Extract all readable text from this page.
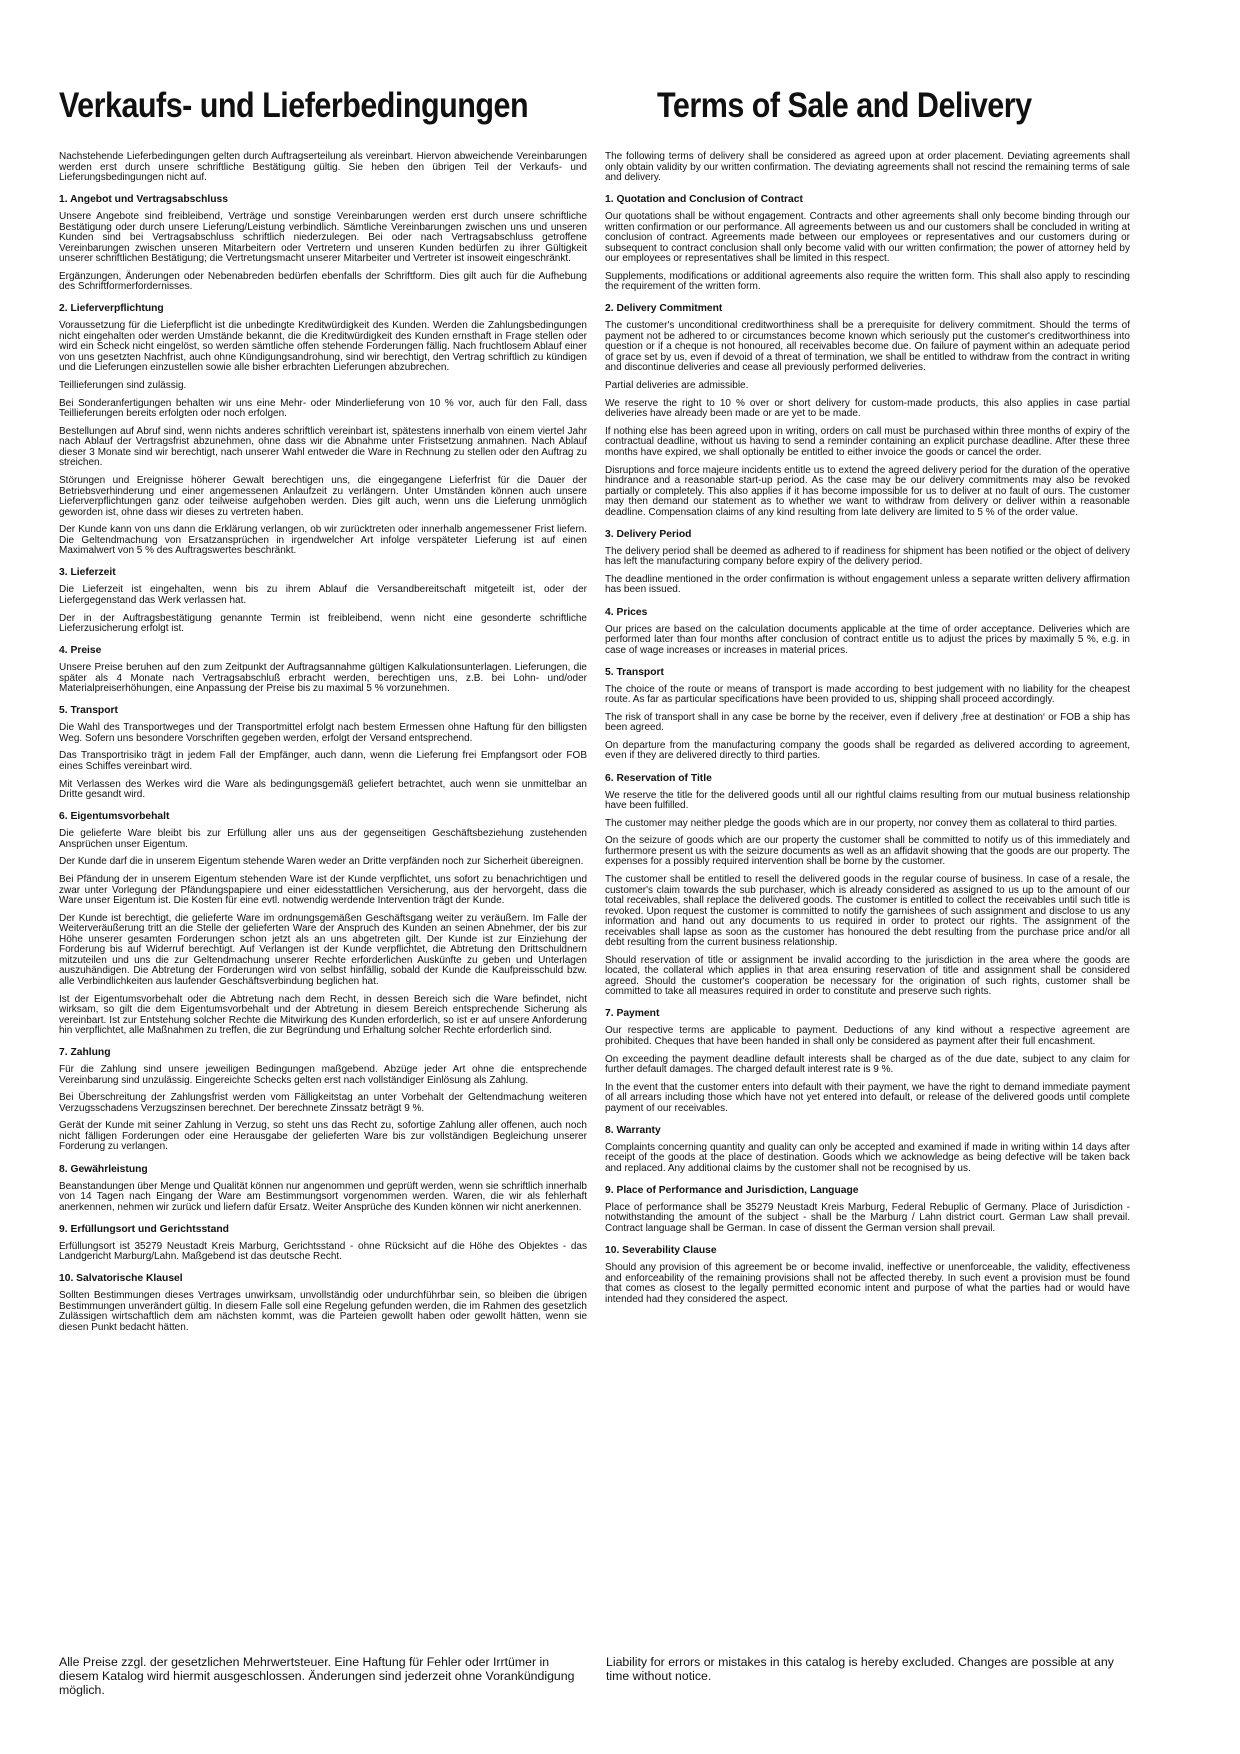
Verkaufs- und Lieferbedingungen

Nachstehende Lieferbedingungen gelten durch Auftragserteilung als vereinbart. Hiervon abweichende Vereinbarungen werden erst durch unsere schriftliche Bestätigung gültig. Sie heben den übrigen Teil der Verkaufs- und Lieferungsbedingungen nicht auf.

1. Angebot und Vertragsabschluss

Unsere Angebote sind freibleibend, Verträge und sonstige Vereinbarungen werden erst durch unsere schriftliche Bestätigung oder durch unsere Lieferung/Leistung verbindlich. Sämtliche Vereinbarungen zwischen uns und unseren Kunden sind bei Vertragsabschluss schriftlich niederzulegen. Bei oder nach Vertragsabschluss getroffene Vereinbarungen zwischen unseren Mitarbeitern oder Vertretern und unseren Kunden bedürfen zu ihrer Gültigkeit unserer schriftlichen Bestätigung; die Vertretungsmacht unserer Mitarbeiter und Vertreter ist insoweit eingeschränkt.

Ergänzungen, Änderungen oder Nebenabreden bedürfen ebenfalls der Schriftform. Dies gilt auch für die Aufhebung des Schriftformerfordernisses.

2. Lieferverpflichtung

Voraussetzung für die Lieferpflicht ist die unbedingte Kreditwürdigkeit des Kunden. Werden die Zahlungsbedingungen nicht eingehalten oder werden Umstände bekannt, die die Kreditwürdigkeit des Kunden ernsthaft in Frage stellen oder wird ein Scheck nicht eingelöst, so werden sämtliche offen stehende Forderungen fällig. Nach fruchtlosem Ablauf einer von uns gesetzten Nachfrist, auch ohne Kündigungsandrohung, sind wir berechtigt, den Vertrag schriftlich zu kündigen und die Lieferungen einzustellen sowie alle bisher erbrachten Lieferungen abzubrechen.

Teillieferungen sind zulässig.

Bei Sonderanfertigungen behalten wir uns eine Mehr- oder Minderlieferung von 10 % vor, auch für den Fall, dass Teillieferungen bereits erfolgten oder noch erfolgen.

Bestellungen auf Abruf sind, wenn nichts anderes schriftlich vereinbart ist, spätestens innerhalb von einem viertel Jahr nach Ablauf der Vertragsfrist abzunehmen, ohne dass wir die Abnahme unter Fristsetzung anmahnen. Nach Ablauf dieser 3 Monate sind wir berechtigt, nach unserer Wahl entweder die Ware in Rechnung zu stellen oder den Auftrag zu streichen.

Störungen und Ereignisse höherer Gewalt berechtigen uns, die eingegangene Lieferfrist für die Dauer der Betriebsverhinderung und einer angemessenen Anlaufzeit zu verlängern. Unter Umständen können auch unsere Lieferverpflichtungen ganz oder teilweise aufgehoben werden. Dies gilt auch, wenn uns die Lieferung unmöglich geworden ist, ohne dass wir dieses zu vertreten haben.

Der Kunde kann von uns dann die Erklärung verlangen, ob wir zurücktreten oder innerhalb angemessener Frist liefern. Die Geltendmachung von Ersatzansprüchen in irgendwelcher Art infolge verspäteter Lieferung ist auf einen Maximalwert von 5 % des Auftragswertes beschränkt.

3. Lieferzeit

Die Lieferzeit ist eingehalten, wenn bis zu ihrem Ablauf die Versandbereitschaft mitgeteilt ist, oder der Liefergegenstand das Werk verlassen hat.

Der in der Auftragsbestätigung genannte Termin ist freibleibend, wenn nicht eine gesonderte schriftliche Lieferzusicherung erfolgt ist.

4. Preise

Unsere Preise beruhen auf den zum Zeitpunkt der Auftragsannahme gültigen Kalkulationsunterlagen. Lieferungen, die später als 4 Monate nach Vertragsabschluß erbracht werden, berechtigen uns, z.B. bei Lohn- und/oder Materialpreiserhöhungen, eine Anpassung der Preise bis zu maximal 5 % vorzunehmen.

5. Transport

Die Wahl des Transportweges und der Transportmittel erfolgt nach bestem Ermessen ohne Haftung für den billigsten Weg. Sofern uns besondere Vorschriften gegeben werden, erfolgt der Versand entsprechend.

Das Transportrisiko trägt in jedem Fall der Empfänger, auch dann, wenn die Lieferung frei Empfangsort oder FOB eines Schiffes vereinbart wird.

Mit Verlassen des Werkes wird die Ware als bedingungsgemäß geliefert betrachtet, auch wenn sie unmittelbar an Dritte gesandt wird.

6. Eigentumsvorbehalt

Die gelieferte Ware bleibt bis zur Erfüllung aller uns aus der gegenseitigen Geschäftsbeziehung zustehenden Ansprüchen unser Eigentum.

Der Kunde darf die in unserem Eigentum stehende Waren weder an Dritte verpfänden noch zur Sicherheit übereignen.

Bei Pfändung der in unserem Eigentum stehenden Ware ist der Kunde verpflichtet, uns sofort zu benachrichtigen und zwar unter Vorlegung der Pfändungspapiere und einer eidesstattlichen Versicherung, aus der hervorgeht, dass die Ware unser Eigentum ist. Die Kosten für eine evtl. notwendig werdende Intervention trägt der Kunde.

Der Kunde ist berechtigt, die gelieferte Ware im ordnungsgemäßen Geschäftsgang weiter zu veräußern. Im Falle der Weiterveräußerung tritt an die Stelle der gelieferten Ware der Anspruch des Kunden an seinen Abnehmer, der bis zur Höhe unserer gesamten Forderungen schon jetzt als an uns abgetreten gilt. Der Kunde ist zur Einziehung der Forderung bis auf Widerruf berechtigt. Auf Verlangen ist der Kunde verpflichtet, die Abtretung den Drittschuldnern mitzuteilen und uns die zur Geltendmachung unserer Rechte erforderlichen Auskünfte zu geben und Unterlagen auszuhändigen. Die Abtretung der Forderungen wird von selbst hinfällig, sobald der Kunde die Kaufpreisschuld bzw. alle Verbindlichkeiten aus laufender Geschäftsverbindung beglichen hat.

Ist der Eigentumsvorbehalt oder die Abtretung nach dem Recht, in dessen Bereich sich die Ware befindet, nicht wirksam, so gilt die dem Eigentumsvorbehalt und der Abtretung in diesem Bereich entsprechende Sicherung als vereinbart. Ist zur Entstehung solcher Rechte die Mitwirkung des Kunden erforderlich, so ist er auf unsere Anforderung hin verpflichtet, alle Maßnahmen zu treffen, die zur Begründung und Erhaltung solcher Rechte erforderlich sind.

7. Zahlung

Für die Zahlung sind unsere jeweiligen Bedingungen maßgebend. Abzüge jeder Art ohne die entsprechende Vereinbarung sind unzulässig. Eingereichte Schecks gelten erst nach vollständiger Einlösung als Zahlung.

Bei Überschreitung der Zahlungsfrist werden vom Fälligkeitstag an unter Vorbehalt der Geltendmachung weiteren Verzugsschadens Verzugszinsen berechnet. Der berechnete Zinssatz beträgt 9 %.

Gerät der Kunde mit seiner Zahlung in Verzug, so steht uns das Recht zu, sofortige Zahlung aller offenen, auch noch nicht fälligen Forderungen oder eine Herausgabe der gelieferten Ware bis zur vollständigen Begleichung unserer Forderung zu verlangen.

8. Gewährleistung

Beanstandungen über Menge und Qualität können nur angenommen und geprüft werden, wenn sie schriftlich innerhalb von 14 Tagen nach Eingang der Ware am Bestimmungsort vorgenommen werden. Waren, die wir als fehlerhaft anerkennen, nehmen wir zurück und liefern dafür Ersatz. Weiter Ansprüche des Kunden können wir nicht anerkennen.

9. Erfüllungsort und Gerichtsstand

Erfüllungsort ist 35279 Neustadt Kreis Marburg, Gerichtsstand - ohne Rücksicht auf die Höhe des Objektes - das Landgericht Marburg/Lahn. Maßgebend ist das deutsche Recht.

10. Salvatorische Klausel

Sollten Bestimmungen dieses Vertrages unwirksam, unvollständig oder undurchführbar sein, so bleiben die übrigen Bestimmungen unverändert gültig. In diesem Falle soll eine Regelung gefunden werden, die im Rahmen des gesetzlich Zulässigen wirtschaftlich dem am nächsten kommt, was die Parteien gewollt haben oder gewollt hätten, wenn sie diesen Punkt bedacht hätten.

Terms of Sale and Delivery

The following terms of delivery shall be considered as agreed upon at order placement. Deviating agreements shall only obtain validity by our written confirmation. The deviating agreements shall not rescind the remaining terms of sale and delivery.

1. Quotation and Conclusion of Contract

Our quotations shall be without engagement. Contracts and other agreements shall only become binding through our written confirmation or our performance. All agreements between us and our customers shall be concluded in writing at conclusion of contract. Agreements made between our employees or representatives and our customers during or subsequent to contract conclusion shall only become valid with our written confirmation; the power of attorney held by our employees or representatives shall be limited in this respect.

Supplements, modifications or additional agreements also require the written form. This shall also apply to rescinding the requirement of the written form.

2. Delivery Commitment

The customer's unconditional creditworthiness shall be a prerequisite for delivery commitment. Should the terms of payment not be adhered to or circumstances become known which seriously put the customer's creditworthiness into question or if a cheque is not honoured, all receivables become due. On failure of payment within an adequate period of grace set by us, even if devoid of a threat of termination, we shall be entitled to withdraw from the contract in writing and discontinue deliveries and cease all previously performed deliveries.

Partial deliveries are admissible.

We reserve the right to 10 % over or short delivery for custom-made products, this also applies in case partial deliveries have already been made or are yet to be made.

If nothing else has been agreed upon in writing, orders on call must be purchased within three months of expiry of the contractual deadline, without us having to send a reminder containing an explicit purchase deadline. After these three months have expired, we shall optionally be entitled to either invoice the goods or cancel the order.

Disruptions and force majeure incidents entitle us to extend the agreed delivery period for the duration of the operative hindrance and a reasonable start-up period. As the case may be our delivery commitments may also be revoked partially or completely. This also applies if it has become impossible for us to deliver at no fault of ours. The customer may then demand our statement as to whether we want to withdraw from delivery or deliver within a reasonable deadline. Compensation claims of any kind resulting from late delivery are limited to 5 % of the order value.

3. Delivery Period

The delivery period shall be deemed as adhered to if readiness for shipment has been notified or the object of delivery has left the manufacturing company before expiry of the delivery period.

The deadline mentioned in the order confirmation is without engagement unless a separate written delivery affirmation has been issued.

4. Prices

Our prices are based on the calculation documents applicable at the time of order acceptance. Deliveries which are performed later than four months after conclusion of contract entitle us to adjust the prices by maximally 5 %, e.g. in case of wage increases or increases in material prices.

5. Transport

The choice of the route or means of transport is made according to best judgement with no liability for the cheapest route. As far as particular specifications have been provided to us, shipping shall proceed accordingly.

The risk of transport shall in any case be borne by the receiver, even if delivery ‚free at destination‘ or FOB a ship has been agreed.

On departure from the manufacturing company the goods shall be regarded as delivered according to agreement, even if they are delivered directly to third parties.

6. Reservation of Title

We reserve the title for the delivered goods until all our rightful claims resulting from our mutual business relationship have been fulfilled.

The customer may neither pledge the goods which are in our property, nor convey them as collateral to third parties.

On the seizure of goods which are our property the customer shall be committed to notify us of this immediately and furthermore present us with the seizure documents as well as an affidavit showing that the goods are our property. The expenses for a possibly required intervention shall be borne by the customer.

The customer shall be entitled to resell the delivered goods in the regular course of business. In case of a resale, the customer's claim towards the sub purchaser, which is already considered as assigned to us up to the amount of our total receivables, shall replace the delivered goods. The customer is entitled to collect the receivables until such title is revoked. Upon request the customer is committed to notify the garnishees of such assignment and disclose to us any information and hand out any documents to us required in order to protect our rights. The assignment of the receivables shall lapse as soon as the customer has honoured the debt resulting from the purchase price and/or all debt resulting from the current business relationship.

Should reservation of title or assignment be invalid according to the jurisdiction in the area where the goods are located, the collateral which applies in that area ensuring reservation of title and assignment shall be considered agreed. Should the customer's cooperation be necessary for the origination of such rights, customer shall be committed to take all measures required in order to constitute and preserve such rights.

7. Payment

Our respective terms are applicable to payment. Deductions of any kind without a respective agreement are prohibited. Cheques that have been handed in shall only be considered as payment after their full encashment.

On exceeding the payment deadline default interests shall be charged as of the due date, subject to any claim for further default damages. The charged default interest rate is 9 %.

In the event that the customer enters into default with their payment, we have the right to demand immediate payment of all arrears including those which have not yet entered into default, or release of the delivered goods until complete payment of our receivables.

8. Warranty

Complaints concerning quantity and quality can only be accepted and examined if made in writing within 14 days after receipt of the goods at the place of destination. Goods which we acknowledge as being defective will be taken back and replaced. Any additional claims by the customer shall not be recognised by us.

9. Place of Performance and Jurisdiction, Language

Place of performance shall be 35279 Neustadt Kreis Marburg, Federal Rebuplic of Germany. Place of Jurisdiction - notwithstanding the amount of the subject - shall be the Marburg / Lahn district court. German Law shall prevail. Contract language shall be German. In case of dissent the German version shall prevail.

10. Severability Clause

Should any provision of this agreement be or become invalid, ineffective or unenforceable, the validity, effectiveness and enforceability of the remaining provisions shall not be affected thereby. In such event a provision must be found that comes as closest to the legally permitted economic intent and purpose of what the parties had or would have intended had they considered the aspect.

Alle Preise zzgl. der gesetzlichen Mehrwertsteuer. Eine Haftung für Fehler oder Irrtümer in diesem Katalog wird hiermit ausgeschlossen. Änderungen sind jederzeit ohne Vorankündigung möglich.
Liability for errors or mistakes in this catalog is hereby excluded. Changes are possible at any time without notice.
